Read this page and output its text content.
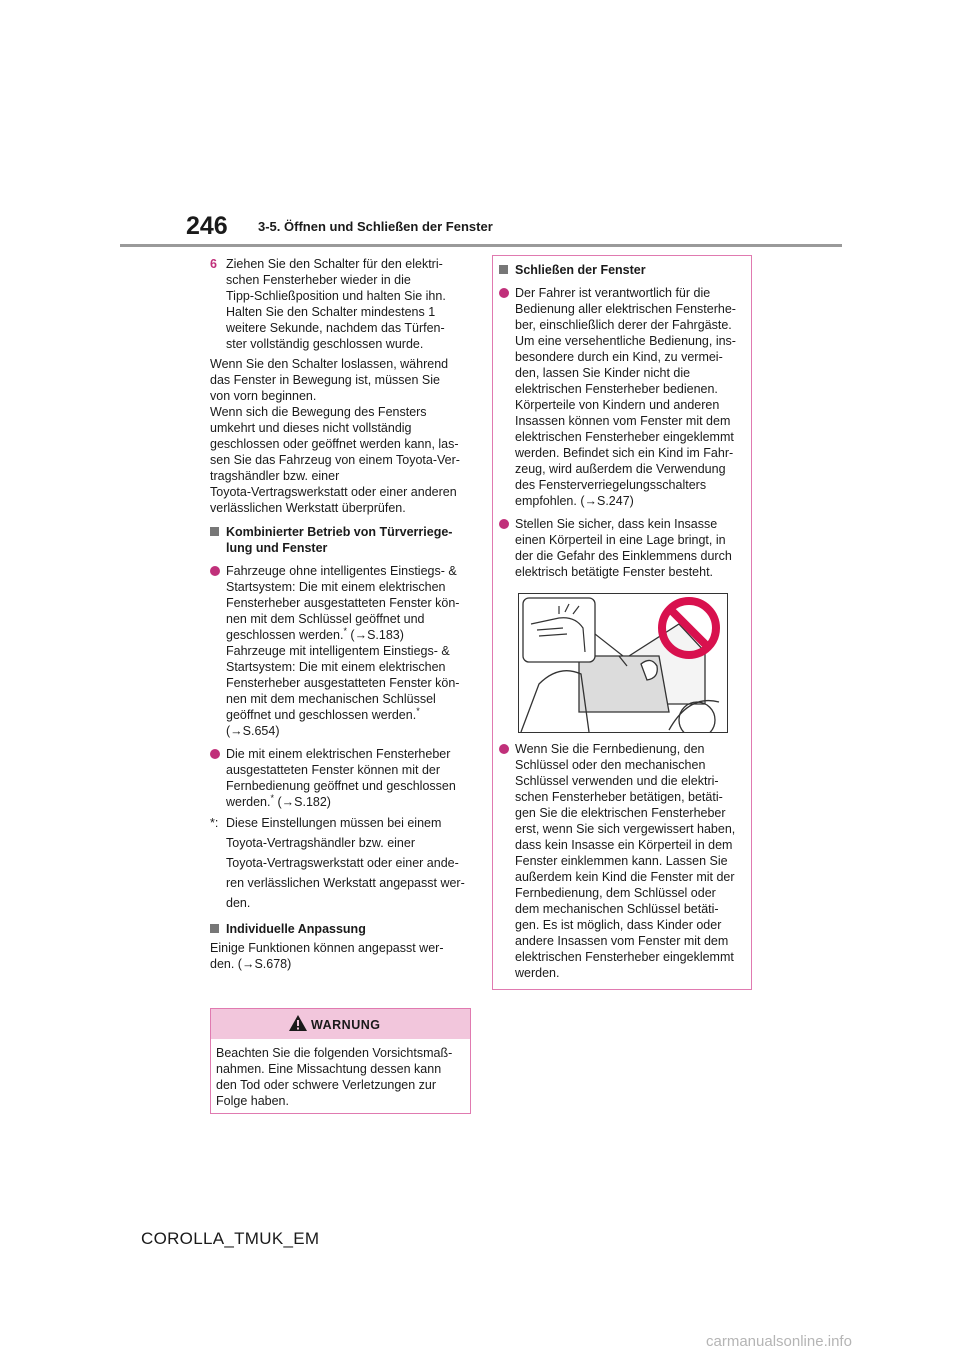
246 3-5. Öffnen und Schließen der Fenster
6 Ziehen Sie den Schalter für den elektri-
schen Fensterheber wieder in die
Tipp-Schließposition und halten Sie ihn.
Halten Sie den Schalter mindestens 1
weitere Sekunde, nachdem das Türfen-
ster vollständig geschlossen wurde.

Wenn Sie den Schalter loslassen, während
das Fenster in Bewegung ist, müssen Sie
von vorn beginnen.
Wenn sich die Bewegung des Fensters
umkehrt und dieses nicht vollständig
geschlossen oder geöffnet werden kann, las-
sen Sie das Fahrzeug von einem Toyota-Ver-
tragshändler bzw. einer
Toyota-Vertragswerkstatt oder einer anderen
verlässlichen Werkstatt überprüfen.

Kombinierter Betrieb von Türverriege-
lung und Fenster

Fahrzeuge ohne intelligentes Einstiegs- &
Startsystem: Die mit einem elektrischen
Fensterheber ausgestatteten Fenster kön-
nen mit dem Schlüssel geöffnet und
geschlossen werden.* (→S.183)
Fahrzeuge mit intelligentem Einstiegs- &
Startsystem: Die mit einem elektrischen
Fensterheber ausgestatteten Fenster kön-
nen mit dem mechanischen Schlüssel
geöffnet und geschlossen werden.*
(→S.654)

Die mit einem elektrischen Fensterheber
ausgestatteten Fenster können mit der
Fernbedienung geöffnet und geschlossen
werden.* (→S.182)

*: Diese Einstellungen müssen bei einem
Toyota-Vertragshändler bzw. einer
Toyota-Vertragswerkstatt oder einer ande-
ren verlässlichen Werkstatt angepasst wer-
den.

Individuelle Anpassung

Einige Funktionen können angepasst wer-
den. (→S.678)

WARNUNG
Beachten Sie die folgenden Vorsichtsmaß-
nahmen. Eine Missachtung dessen kann
den Tod oder schwere Verletzungen zur
Folge haben.

Schließen der Fenster

Der Fahrer ist verantwortlich für die
Bedienung aller elektrischen Fensterhe-
ber, einschließlich derer der Fahrgäste.
Um eine versehentliche Bedienung, ins-
besondere durch ein Kind, zu vermei-
den, lassen Sie Kinder nicht die
elektrischen Fensterheber bedienen.
Körperteile von Kindern und anderen
Insassen können vom Fenster mit dem
elektrischen Fensterheber eingeklemmt
werden. Befindet sich ein Kind im Fahr-
zeug, wird außerdem die Verwendung
des Fensterverriegelungsschalters
empfohlen. (→S.247)

Stellen Sie sicher, dass kein Insasse
einen Körperteil in eine Lage bringt, in
der die Gefahr des Einklemmens durch
elektrisch betätigte Fenster besteht.

Wenn Sie die Fernbedienung, den
Schlüssel oder den mechanischen
Schlüssel verwenden und die elektri-
schen Fensterheber betätigen, betäti-
gen Sie die elektrischen Fensterheber
erst, wenn Sie sich vergewissert haben,
dass kein Insasse ein Körperteil in dem
Fenster einklemmen kann. Lassen Sie
außerdem kein Kind die Fenster mit der
Fernbedienung, dem Schlüssel oder
dem mechanischen Schlüssel betäti-
gen. Es ist möglich, dass Kinder oder
andere Insassen vom Fenster mit dem
elektrischen Fensterheber eingeklemmt
werden.

COROLLA_TMUK_EM
carmanualsonline.info
